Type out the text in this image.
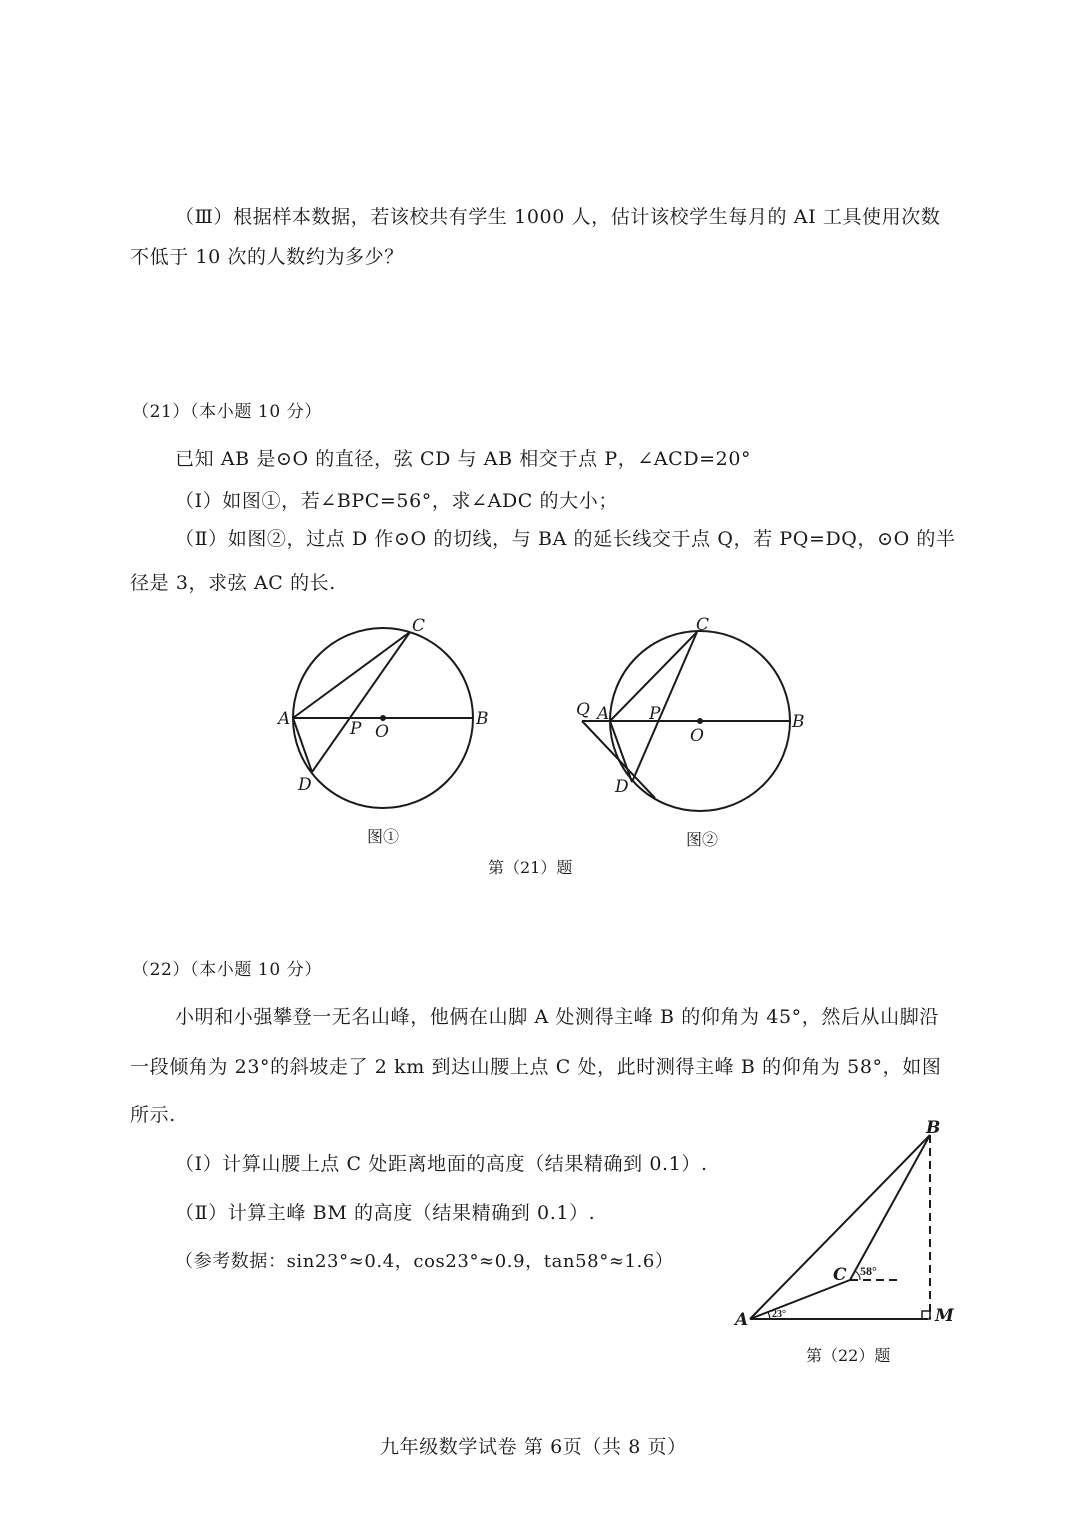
（Ⅲ）根据样本数据，若该校共有学生 1000 人，估计该校学生每月的 AI 工具使用次数
不低于 10 次的人数约为多少？
（21）（本小题 10 分）
已知 AB 是⊙O 的直径，弦 CD 与 AB 相交于点 P，∠ACD=20°
（Ⅰ）如图①，若∠BPC=56°，求∠ADC 的大小；
（Ⅱ）如图②，过点 D 作⊙O 的切线，与 BA 的延长线交于点 Q，若 PQ=DQ，⊙O 的半
径是 3，求弦 AC 的长.
C
A	B
P O
D
图①
C
Q A P	B
O
D
图②
第（21）题
（22）（本小题 10 分）
小明和小强攀登一无名山峰，他俩在山脚 A 处测得主峰 B 的仰角为 45°，然后从山脚沿
一段倾角为 23°的斜坡走了 2 km 到达山腰上点 C 处，此时测得主峰 B 的仰角为 58°，如图
所示.
（Ⅰ）计算山腰上点 C 处距离地面的高度（结果精确到 0.1）.
（Ⅱ）计算主峰 BM 的高度（结果精确到 0.1）.
（参考数据：sin23°≈0.4，cos23°≈0.9，tan58°≈1.6）
B
C
A	M
58°
23°
第（22）题
九年级数学试卷 第 6页（共 8 页）
